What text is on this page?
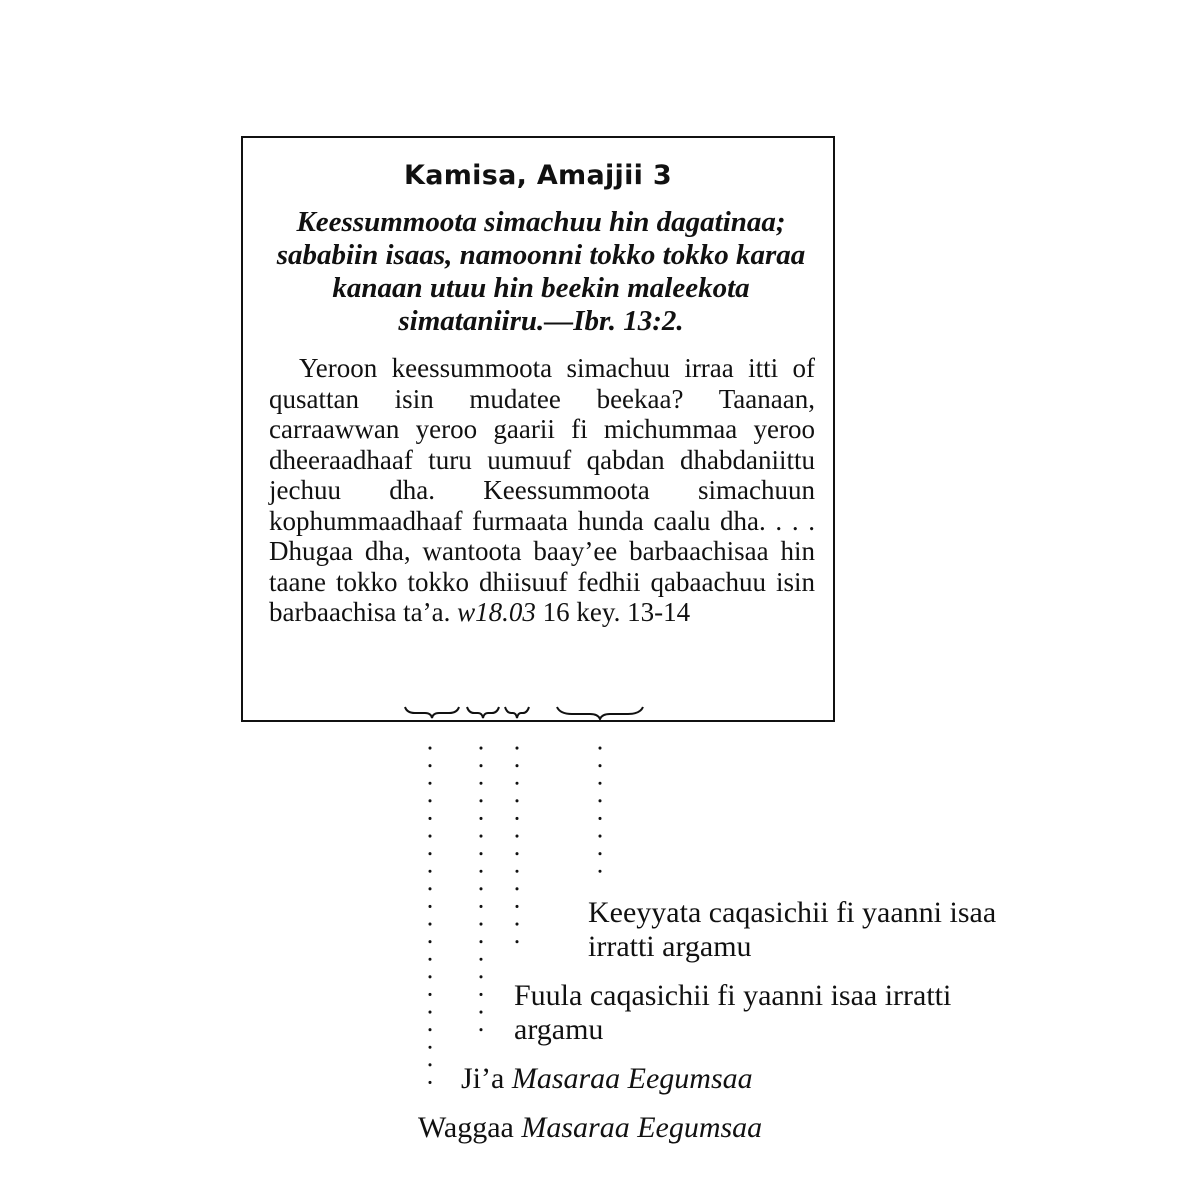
Kamisa, Amajjii 3
Keessummoota simachuu hin dagatinaa; sababiin isaas, namoonni tokko tokko karaa kanaan utuu hin beekin maleekota simataniiru.—Ibr. 13:2.

Yeroon keessummoota simachuu irraa itti of qusattan isin mudatee beekaa? Taanaan, carraawwan yeroo gaarii fi michummaa yeroo dheeraadhaaf turu uumuuf qabdan dhabdaniittu jechuu dha. Keessummoota simachuun kophummaadhaaf furmaata hunda caalu dha. . . . Dhugaa dha, wantoota baay’ee barbaachisaa hin taane tokko tokko dhiisuuf fedhii qabaachuu isin barbaachisa ta’a. w18.03 16 key. 13-14

Keeyyata caqasichii fi yaanni isaa irratti argamu
Fuula caqasichii fi yaanni isaa irratti argamu
Ji’a Masaraa Eegumsaa
Waggaa Masaraa Eegumsaa
